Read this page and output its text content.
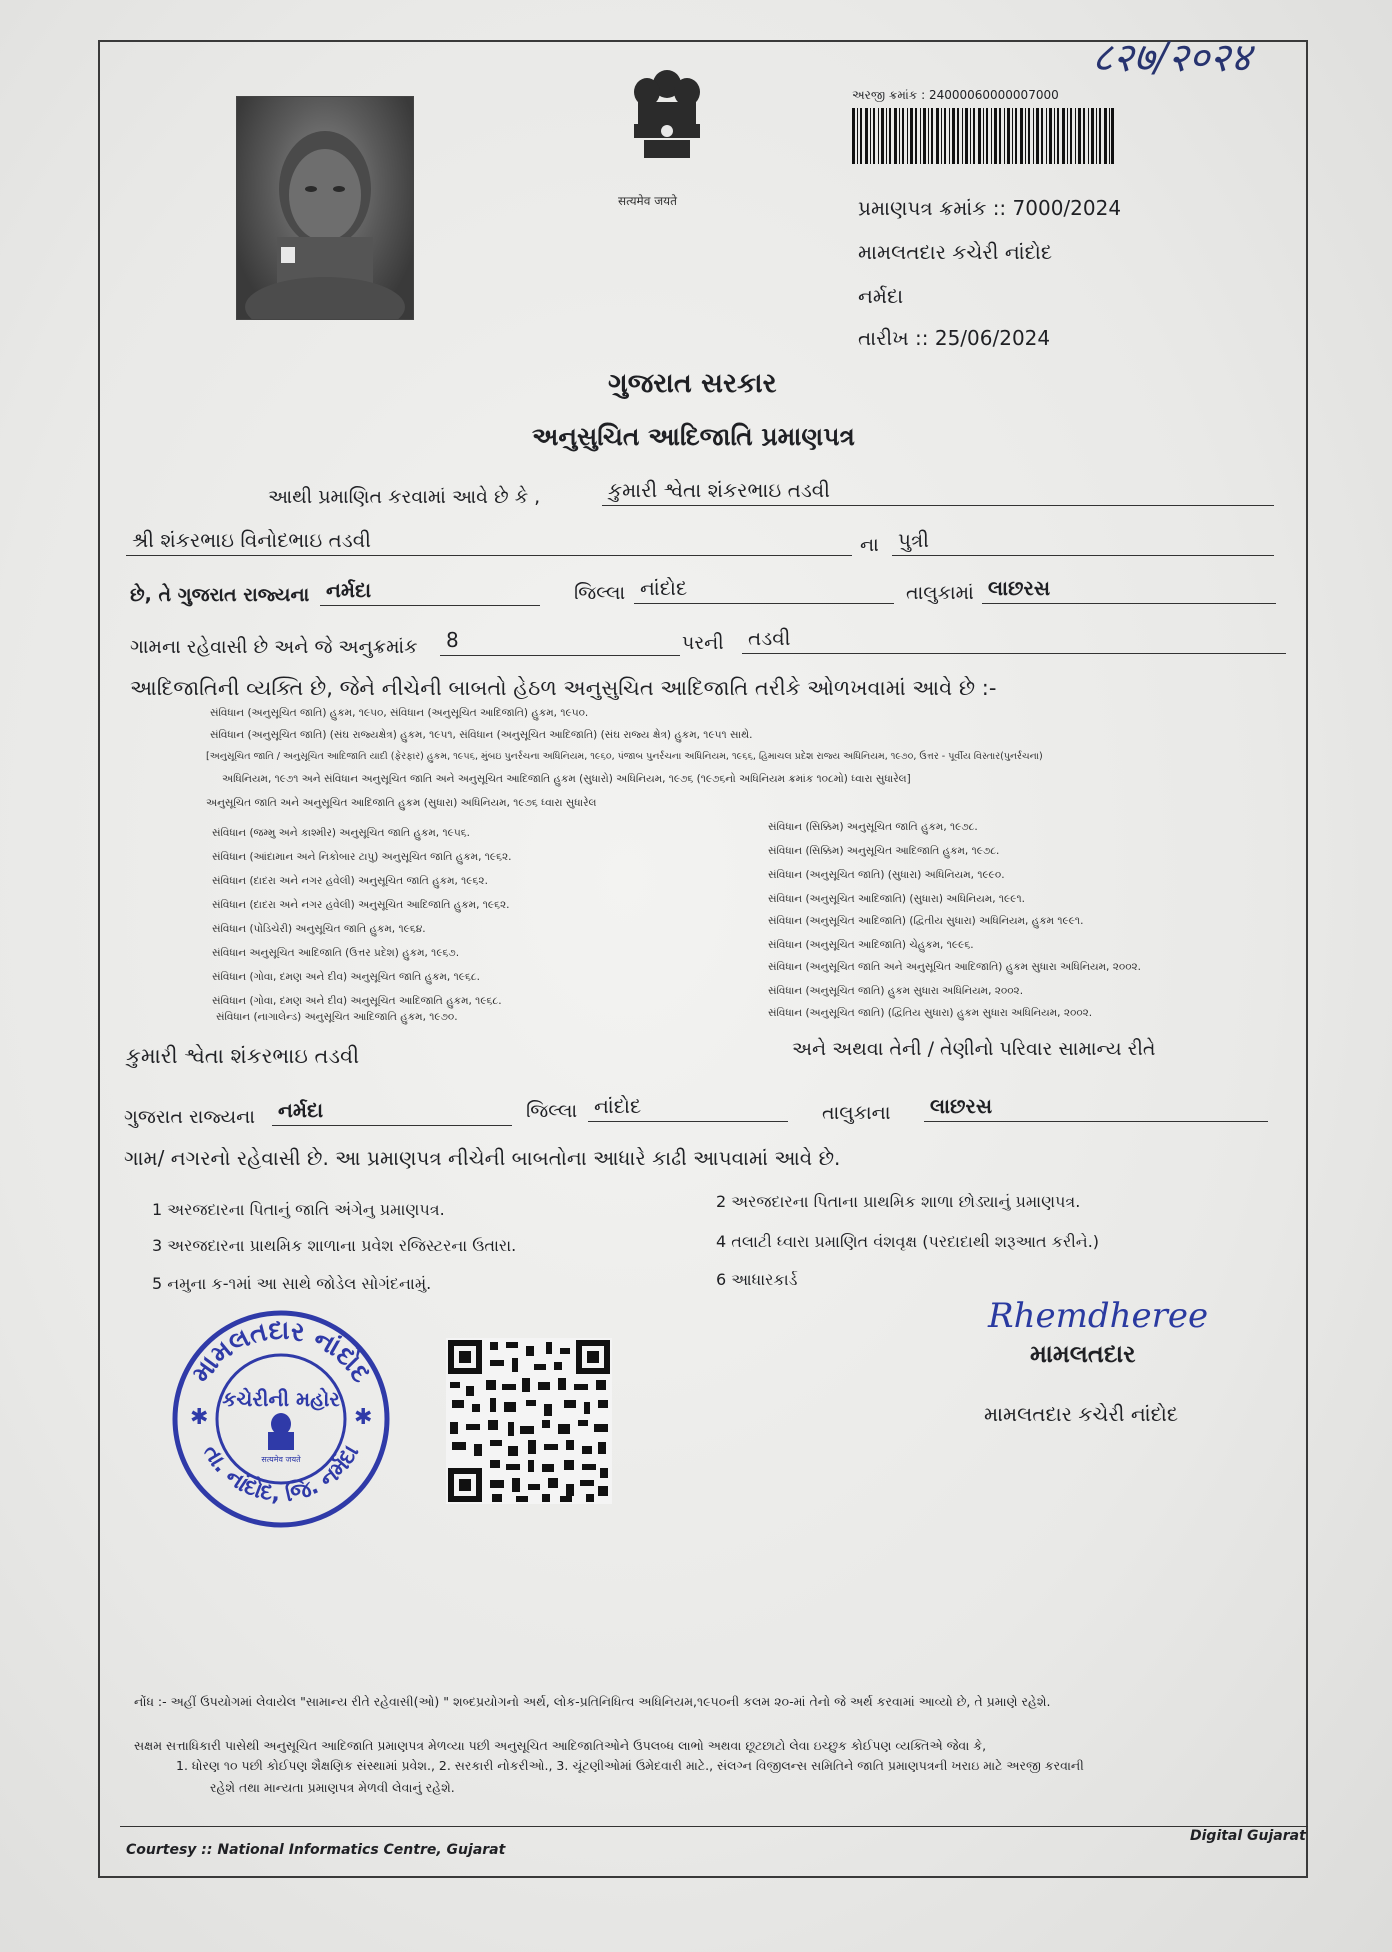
८२७/२०२४
सत्यमेव जयते
અરજી ક્રમાંક : 24000060000007000
પ્રમાણપત્ર ક્રમાંક :: 7000/2024
મામલતદાર કચેરી નાંદોદ
નર્મદા
તારીખ :: 25/06/2024
ગુજરાત સરકાર
અનુસુચિત આદિજાતિ પ્રમાણપત્ર
આથી પ્રમાણિત કરવામાં આવે છે કે ,	કુમારી શ્વેતા શંકરભાઇ તડવી
શ્રી શંકરભાઇ વિનોદભાઇ તડવી	ના પુત્રી
છે, તે ગુજરાત રાજ્યના નર્મદા	જિલ્લા નાંદોદ	તાલુકામાં લાછરસ
ગામના રહેવાસી છે અને જે અનુક્રમાંક	8	પરની	તડવી
આદિજાતિની વ્યક્તિ છે, જેને નીચેની બાબતો હેઠળ અનુસુચિત આદિજાતિ તરીકે ઓળખવામાં આવે છે :-
સંવિધાન (અનુસૂચિત જાતિ) હુકમ, ૧૯૫૦, સંવિધાન (અનુસૂચિત આદિજાતિ) હુકમ, ૧૯૫૦.
સંવિધાન (અનુસૂચિત જાતિ) (સંઘ રાજ્યક્ષેત્ર) હુકમ, ૧૯૫૧, સંવિધાન (અનુસૂચિત આદિજાતિ) (સંઘ રાજ્ય ક્ષેત્ર) હુકમ, ૧૯૫૧ સાથે.
[અનુસૂચિત જાતિ / અનુસૂચિત આદિજાતિ યાદી (ફેરફાર) હુકમ, ૧૯૫૬, મુંબઇ પુનર્રચના અધિનિયમ, ૧૯૬૦, પંજાબ પુનર્રચના અધિનિયમ, ૧૯૬૬, હિમાચલ પ્રદેશ રાજ્ય અધિનિયમ, ૧૯૭૦, ઉત્તર - પૂર્વીય વિસ્તાર(પુનર્રચના)
અધિનિયમ, ૧૯૭૧ અને સંવિધાન અનુસૂચિત જાતિ અને અનુસૂચિત આદિજાતિ હુકમ (સુધારો) અધિનિયમ, ૧૯૭૬ (૧૯૭૬નો અધિનિયમ ક્રમાંક ૧૦૮મો) ધ્વારા સુધારેલ]
અનુસૂચિત જાતિ અને અનુસૂચિત આદિજાતિ હુકમ (સુધારા) અધિનિયમ, ૧૯૭૬ ધ્વારા સુધારેલ
સંવિધાન (જમ્મુ અને કાશ્મીર) અનુસૂચિત જાતિ હુકમ, ૧૯૫૬.
સંવિધાન (આંદામાન અને નિકોબાર ટાપુ) અનુસૂચિત જાતિ હુકમ, ૧૯૬૨.
સંવિધાન (દાદરા અને નગર હવેલી) અનુસૂચિત જાતિ હુકમ, ૧૯૬૨.
સંવિધાન (દાદરા અને નગર હવેલી) અનુસૂચિત આદિજાતિ હુકમ, ૧૯૬૨.
સંવિધાન (પોંડિચેરી) અનુસૂચિત જાતિ હુકમ, ૧૯૬૪.
સંવિધાન અનુસૂચિત આદિજાતિ (ઉત્તર પ્રદેશ) હુકમ, ૧૯૬૭.
સંવિધાન (ગોવા, દમણ અને દીવ) અનુસૂચિત જાતિ હુકમ, ૧૯૬૮.
સંવિધાન (ગોવા, દમણ અને દીવ) અનુસૂચિત આદિજાતિ હુકમ, ૧૯૬૮.
સંવિધાન (નાગાલેન્ડ) અનુસૂચિત આદિજાતિ હુકમ, ૧૯૭૦.
સંવિધાન (સિક્કિમ) અનુસૂચિત જાતિ હુકમ, ૧૯૭૮.
સંવિધાન (સિક્કિમ) અનુસૂચિત આદિજાતિ હુકમ, ૧૯૭૮.
સંવિધાન (અનુસૂચિત જાતિ) (સુધારા) અધિનિયમ, ૧૯૯૦.
સંવિધાન (અનુસૂચિત આદિજાતિ) (સુધારા) અધિનિયમ, ૧૯૯૧.
સંવિધાન (અનુસૂચિત આદિજાતિ) (દ્વિતીય સુધારા) અધિનિયમ, હુકમ ૧૯૯૧.
સંવિધાન (અનુસૂચિત આદિજાતિ) ચેહુકમ, ૧૯૯૬.
સંવિધાન (અનુસૂચિત જાતિ અને અનુસૂચિત આદિજાતિ) હુકમ સુધારા અધિનિયમ, ૨૦૦૨.
સંવિધાન (અનુસૂચિત જાતિ) હુકમ સુધારા અધિનિયમ, ૨૦૦૨.
સંવિધાન (અનુસૂચિત જાતિ) (દ્વિતિય સુધારા) હુકમ સુધારા અધિનિયમ, ૨૦૦૨.
કુમારી શ્વેતા શંકરભાઇ તડવી	અને અથવા તેની / તેણીનો પરિવાર સામાન્ય રીતે
ગુજરાત રાજ્યના	નર્મદા	જિલ્લા નાંદોદ	તાલુકાના	લાછરસ
ગામ/ નગરનો રહેવાસી છે. આ પ્રમાણપત્ર નીચેની બાબતોના આધારે કાઢી આપવામાં આવે છે.
1 અરજદારના પિતાનું જાતિ અંગેનુ પ્રમાણપત્ર.	2 અરજદારના પિતાના પ્રાથમિક શાળા છોડ્યાનું પ્રમાણપત્ર.
3 અરજદારના પ્રાથમિક શાળાના પ્રવેશ રજિસ્ટરના ઉતારા.	4 તલાટી ધ્વારા પ્રમાણિત વંશવૃક્ષ (પરદાદાથી શરૂઆત કરીને.)
5 નમુના ક-૧માં આ સાથે જોડેલ સોગંદનામું.	6 આધારકાર્ડ
મામલતદાર નાંદોદ
તા. નાંદોદ, જિ. નર્મદા
કચેરીની મહોર
सत्यमेव जयते
✱	✱
Rhemdheree
મામલતદાર
મામલતદાર કચેરી નાંદોદ
નોંધ :- અહીં ઉપયોગમાં લેવાયેલ "સામાન્ય રીતે રહેવાસી(ઓ) " શબ્દપ્રયોગનો અર્થ, લોક-પ્રતિનિધિત્વ અધિનિયમ,૧૯૫૦ની કલમ ૨૦-માં તેનો જે અર્થ કરવામાં આવ્યો છે, તે પ્રમાણે રહેશે.
સક્ષમ સત્તાધિકારી પાસેથી અનુસૂચિત આદિજાતિ પ્રમાણપત્ર મેળવ્યા પછી અનુસૂચિત આદિજાતિઓને ઉપલબ્ધ લાભો અથવા છૂટછાટો લેવા ઇચ્છુક કોઈપણ વ્યક્તિએ જેવા કે,
1. ધોરણ ૧૦ પછી કોઈપણ શૈક્ષણિક સંસ્થામાં પ્રવેશ., 2. સરકારી નોકરીઓ., 3. ચૂંટણીઓમાં ઉમેદવારી માટે., સંલગ્ન વિજીલન્સ સમિતિને જાતિ પ્રમાણપત્રની ખરાઇ માટે અરજી કરવાની
રહેશે તથા માન્યતા પ્રમાણપત્ર મેળવી લેવાનું રહેશે.
Courtesy :: National Informatics Centre, Gujarat
Digital Gujarat
